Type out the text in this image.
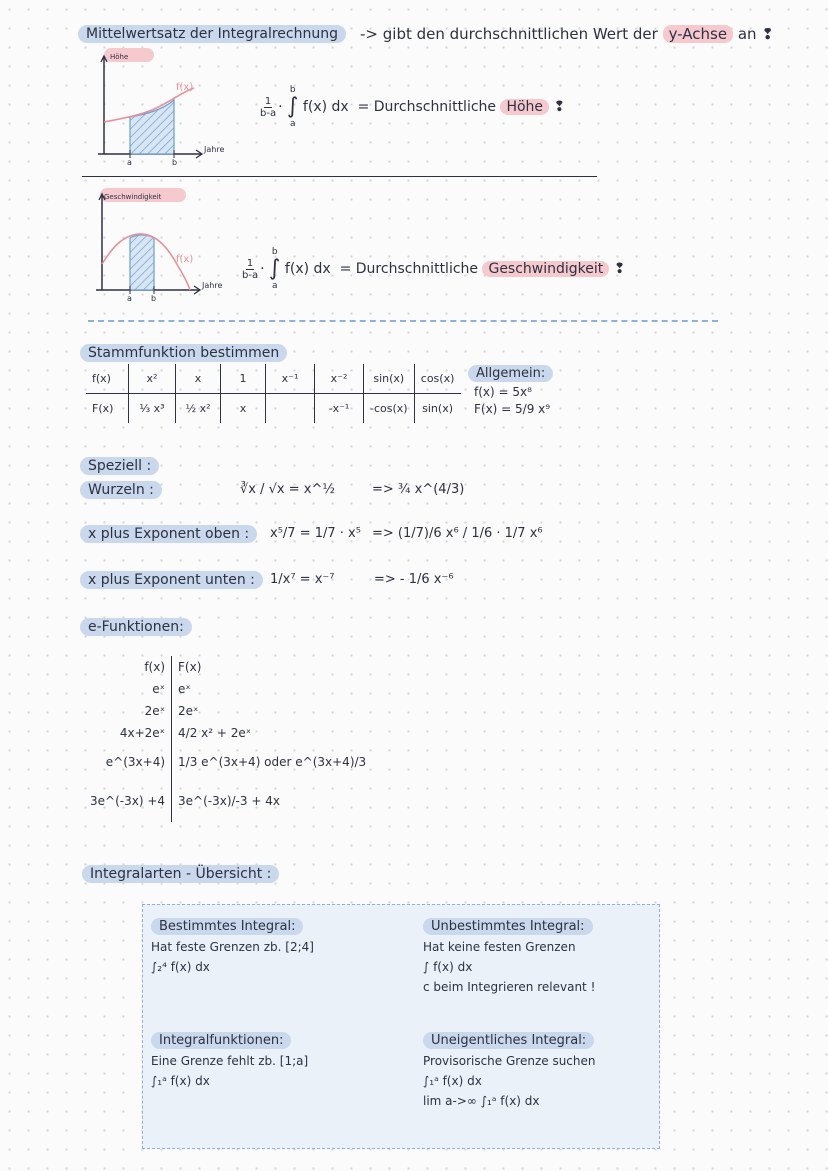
Mittelwertsatz der Integralrechnung	-> gibt den durchschnittlichen Wert der y-Achse an ❢
Höhe
Jahre
f(x)
a	b
$\frac{1}{b-a}$ ·
b
∫
a
f(x) dx = Durchschnittliche Höhe ❢
Geschwindigkeit
Jahre
f(x)
a b
$\frac{1}{b-a}$ ·
b
∫
a
f(x) dx = Durchschnittliche Geschwindigkeit ❢
Stammfunktion bestimmen
f(x)	x²	x	1	x⁻¹	x⁻²	sin(x)	cos(x)
F(x)	⅓ x³	½ x²	x		-x⁻¹	-cos(x)	sin(x)
Allgemein:
f(x) = 5x⁸
F(x) = 5/9 x⁹
Speziell :
Wurzeln :	∛x / √x = x^½	=> ¾ x^(4/3)
x plus Exponent oben :	x⁵/7 = 1/7 · x⁵ => (1/7)/6 x⁶ / 1/6 · 1/7 x⁶
x plus Exponent unten :	1/x⁷ = x⁻⁷	=> - 1/6 x⁻⁶
e-Funktionen:
f(x)	F(x)
eˣ	eˣ
2eˣ	2eˣ
4x+2eˣ	4/2 x² + 2eˣ
e^(3x+4)	1/3 e^(3x+4) oder e^(3x+4)/3
3e^(-3x) +4	3e^(-3x)/-3 + 4x
Integralarten - Übersicht :
Bestimmtes Integral:
Hat feste Grenzen zb. [2;4]
∫₂⁴ f(x) dx
Unbestimmtes Integral:
Hat keine festen Grenzen
∫ f(x) dx
c beim Integrieren relevant !
Integralfunktionen:
Eine Grenze fehlt zb. [1;a]
∫₁ᵃ f(x) dx
Uneigentliches Integral:
Provisorische Grenze suchen
∫₁ᵃ f(x) dx
lim a->∞ ∫₁ᵃ f(x) dx
